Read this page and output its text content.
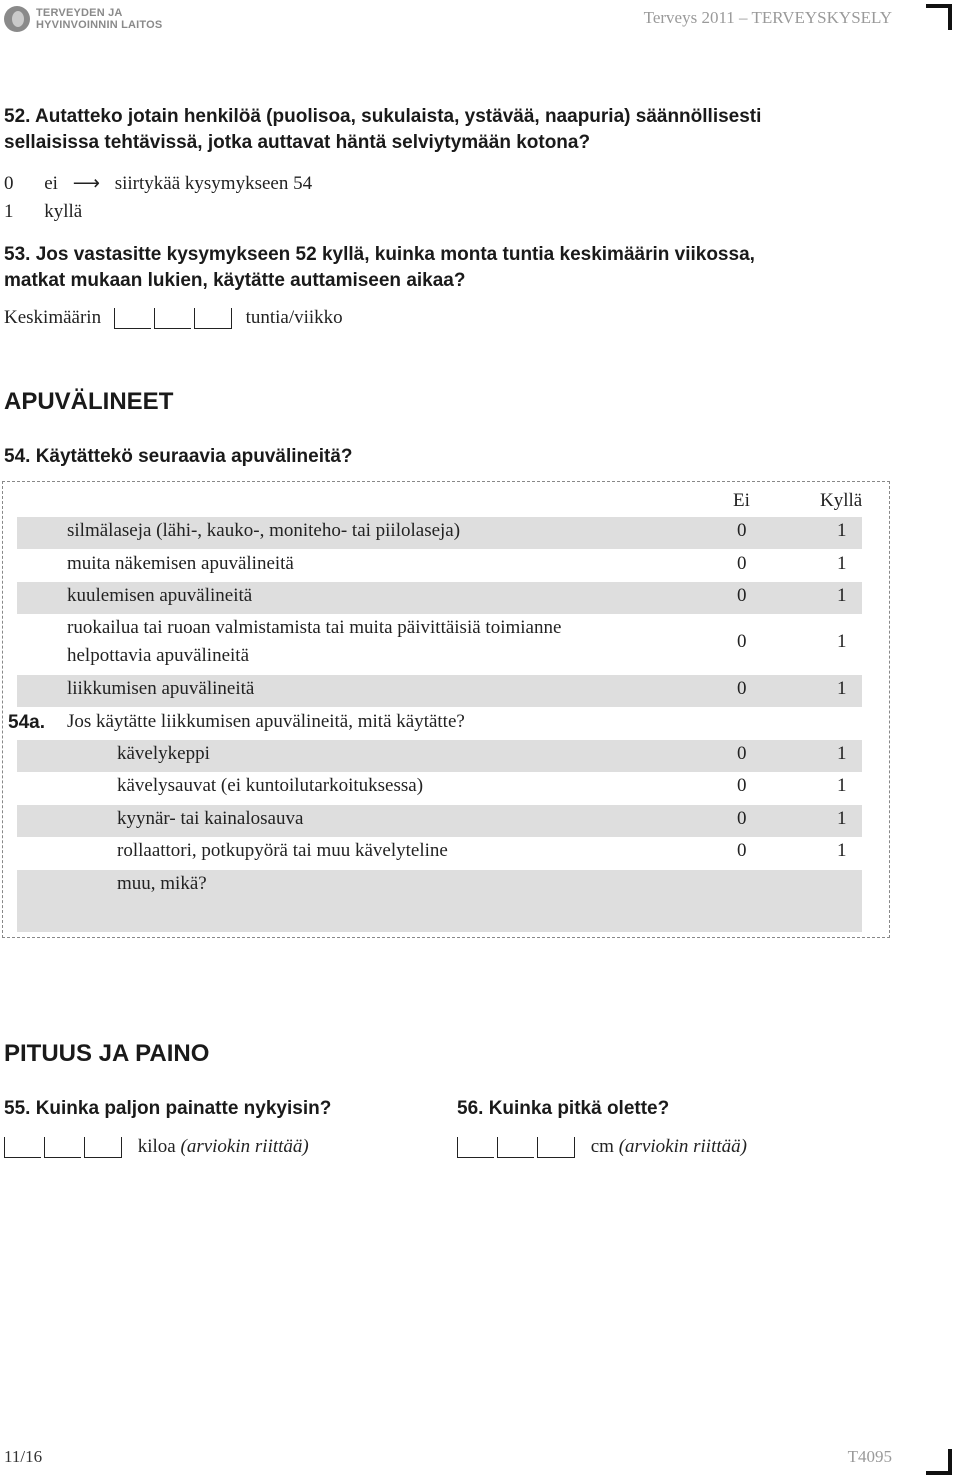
TERVEYDEN JA
HYVINVOINNIN LAITOS	Terveys 2011 – TERVEYSKYSELY
52. Autatteko jotain henkilöä (puolisoa, sukulaista, ystävää, naapuria) säännöllisesti
sellaisissa tehtävissä, jotka auttavat häntä selviytymään kotona?
0 ei ⟶ siirtykää kysymykseen 54
1 kyllä
53. Jos vastasitte kysymykseen 52 kyllä, kuinka monta tuntia keskimäärin viikossa,
matkat mukaan lukien, käytätte auttamiseen aikaa?
Keskimäärin	tuntia/viikko
APUVÄLINEET
54. Käytättekö seuraavia apuvälineitä?
Ei	Kyllä
silmälaseja (lähi-, kauko-, moniteho- tai piilolaseja)	0	1
muita näkemisen apuvälineitä	0	1
kuulemisen apuvälineitä	0	1
ruokailua tai ruoan valmistamista tai muita päivittäisiä toimianne
helpottavia apuvälineitä
0	1
liikkumisen apuvälineitä	0	1
54a. Jos käytätte liikkumisen apuvälineitä, mitä käytätte?
kävelykeppi	0	1
kävelysauvat (ei kuntoilutarkoituksessa)	0	1
kyynär- tai kainalosauva	0	1
rollaattori, potkupyörä tai muu kävelyteline	0	1
muu, mikä?
PITUUS JA PAINO
55. Kuinka paljon painatte nykyisin?	56. Kuinka pitkä olette?
kiloa (arviokin riittää)	cm (arviokin riittää)
11/16	T4095
